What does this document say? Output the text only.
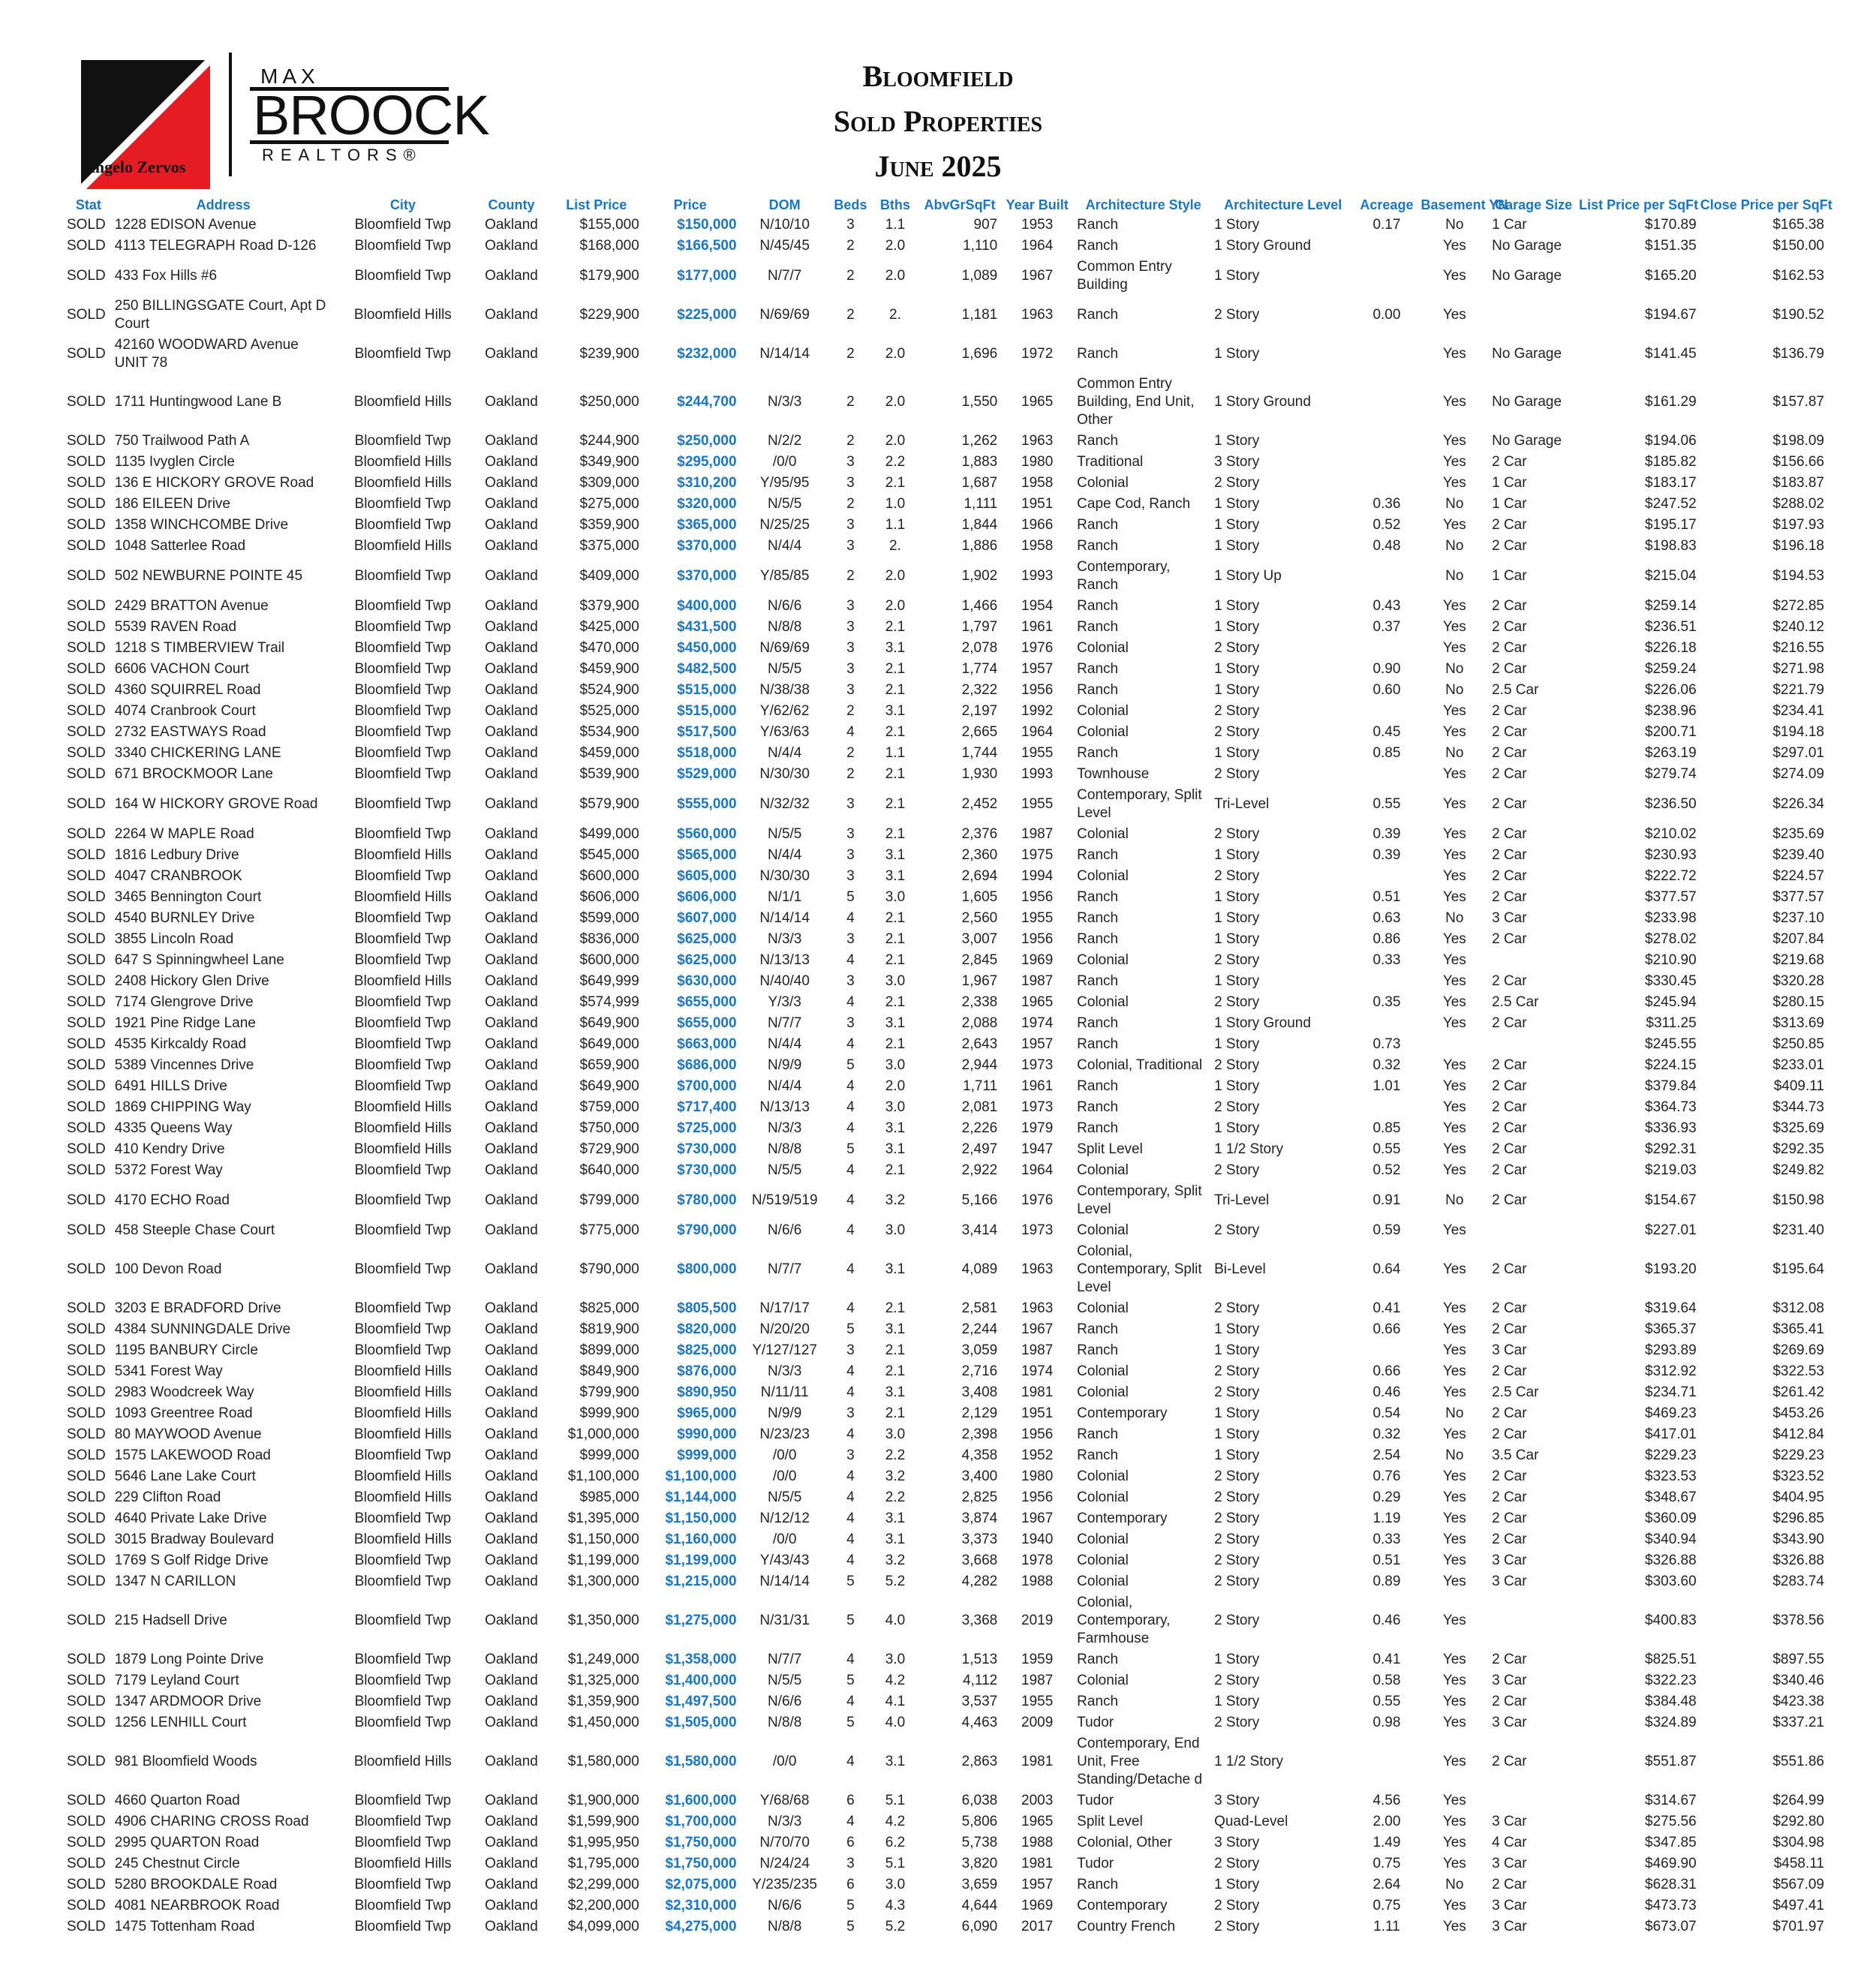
MAX
BROOCK
REALTORS®
Angelo Zervos
Bloomfield
Sold Properties
June 2025
Stat	Address	City	County	List Price	Price	DOM	Beds	Bths	AbvGrSqFt	Year Built	Architecture Style	Architecture Level	Acreage	Basement YN	Garage Size	List Price per SqFt	Close Price per SqFt
SOLD	1228 EDISON Avenue	Bloomfield Twp	Oakland	$155,000	$150,000	N/10/10	3	1.1	907	1953	Ranch	1 Story	0.17	No	1 Car	$170.89	$165.38
SOLD	4113 TELEGRAPH Road D-126	Bloomfield Twp	Oakland	$168,000	$166,500	N/45/45	2	2.0	1,110	1964	Ranch	1 Story Ground		Yes	No Garage	$151.35	$150.00
SOLD	433 Fox Hills #6	Bloomfield Twp	Oakland	$179,900	$177,000	N/7/7	2	2.0	1,089	1967	Common Entry Building	1 Story		Yes	No Garage	$165.20	$162.53
SOLD	250 BILLINGSGATE Court, Apt D Court	Bloomfield Hills	Oakland	$229,900	$225,000	N/69/69	2	2.	1,181	1963	Ranch	2 Story	0.00	Yes		$194.67	$190.52
SOLD	42160 WOODWARD Avenue UNIT 78	Bloomfield Twp	Oakland	$239,900	$232,000	N/14/14	2	2.0	1,696	1972	Ranch	1 Story		Yes	No Garage	$141.45	$136.79
SOLD	1711 Huntingwood Lane B	Bloomfield Hills	Oakland	$250,000	$244,700	N/3/3	2	2.0	1,550	1965	Common Entry Building, End Unit, Other	1 Story Ground		Yes	No Garage	$161.29	$157.87
SOLD	750 Trailwood Path A	Bloomfield Twp	Oakland	$244,900	$250,000	N/2/2	2	2.0	1,262	1963	Ranch	1 Story		Yes	No Garage	$194.06	$198.09
SOLD	1135 Ivyglen Circle	Bloomfield Hills	Oakland	$349,900	$295,000	/0/0	3	2.2	1,883	1980	Traditional	3 Story		Yes	2 Car	$185.82	$156.66
SOLD	136 E HICKORY GROVE Road	Bloomfield Hills	Oakland	$309,000	$310,200	Y/95/95	3	2.1	1,687	1958	Colonial	2 Story		Yes	1 Car	$183.17	$183.87
SOLD	186 EILEEN Drive	Bloomfield Twp	Oakland	$275,000	$320,000	N/5/5	2	1.0	1,111	1951	Cape Cod, Ranch	1 Story	0.36	No	1 Car	$247.52	$288.02
SOLD	1358 WINCHCOMBE Drive	Bloomfield Twp	Oakland	$359,900	$365,000	N/25/25	3	1.1	1,844	1966	Ranch	1 Story	0.52	Yes	2 Car	$195.17	$197.93
SOLD	1048 Satterlee Road	Bloomfield Hills	Oakland	$375,000	$370,000	N/4/4	3	2.	1,886	1958	Ranch	1 Story	0.48	No	2 Car	$198.83	$196.18
SOLD	502 NEWBURNE POINTE 45	Bloomfield Twp	Oakland	$409,000	$370,000	Y/85/85	2	2.0	1,902	1993	Contemporary, Ranch	1 Story Up		No	1 Car	$215.04	$194.53
SOLD	2429 BRATTON Avenue	Bloomfield Twp	Oakland	$379,900	$400,000	N/6/6	3	2.0	1,466	1954	Ranch	1 Story	0.43	Yes	2 Car	$259.14	$272.85
SOLD	5539 RAVEN Road	Bloomfield Twp	Oakland	$425,000	$431,500	N/8/8	3	2.1	1,797	1961	Ranch	1 Story	0.37	Yes	2 Car	$236.51	$240.12
SOLD	1218 S TIMBERVIEW Trail	Bloomfield Twp	Oakland	$470,000	$450,000	N/69/69	3	3.1	2,078	1976	Colonial	2 Story		Yes	2 Car	$226.18	$216.55
SOLD	6606 VACHON Court	Bloomfield Twp	Oakland	$459,900	$482,500	N/5/5	3	2.1	1,774	1957	Ranch	1 Story	0.90	No	2 Car	$259.24	$271.98
SOLD	4360 SQUIRREL Road	Bloomfield Twp	Oakland	$524,900	$515,000	N/38/38	3	2.1	2,322	1956	Ranch	1 Story	0.60	No	2.5 Car	$226.06	$221.79
SOLD	4074 Cranbrook Court	Bloomfield Twp	Oakland	$525,000	$515,000	Y/62/62	2	3.1	2,197	1992	Colonial	2 Story		Yes	2 Car	$238.96	$234.41
SOLD	2732 EASTWAYS Road	Bloomfield Twp	Oakland	$534,900	$517,500	Y/63/63	4	2.1	2,665	1964	Colonial	2 Story	0.45	Yes	2 Car	$200.71	$194.18
SOLD	3340 CHICKERING LANE	Bloomfield Twp	Oakland	$459,000	$518,000	N/4/4	2	1.1	1,744	1955	Ranch	1 Story	0.85	No	2 Car	$263.19	$297.01
SOLD	671 BROCKMOOR Lane	Bloomfield Twp	Oakland	$539,900	$529,000	N/30/30	2	2.1	1,930	1993	Townhouse	2 Story		Yes	2 Car	$279.74	$274.09
SOLD	164 W HICKORY GROVE Road	Bloomfield Twp	Oakland	$579,900	$555,000	N/32/32	3	2.1	2,452	1955	Contemporary, Split Level	Tri-Level	0.55	Yes	2 Car	$236.50	$226.34
SOLD	2264 W MAPLE Road	Bloomfield Twp	Oakland	$499,000	$560,000	N/5/5	3	2.1	2,376	1987	Colonial	2 Story	0.39	Yes	2 Car	$210.02	$235.69
SOLD	1816 Ledbury Drive	Bloomfield Hills	Oakland	$545,000	$565,000	N/4/4	3	3.1	2,360	1975	Ranch	1 Story	0.39	Yes	2 Car	$230.93	$239.40
SOLD	4047 CRANBROOK	Bloomfield Twp	Oakland	$600,000	$605,000	N/30/30	3	3.1	2,694	1994	Colonial	2 Story		Yes	2 Car	$222.72	$224.57
SOLD	3465 Bennington Court	Bloomfield Hills	Oakland	$606,000	$606,000	N/1/1	5	3.0	1,605	1956	Ranch	1 Story	0.51	Yes	2 Car	$377.57	$377.57
SOLD	4540 BURNLEY Drive	Bloomfield Twp	Oakland	$599,000	$607,000	N/14/14	4	2.1	2,560	1955	Ranch	1 Story	0.63	No	3 Car	$233.98	$237.10
SOLD	3855 Lincoln Road	Bloomfield Twp	Oakland	$836,000	$625,000	N/3/3	3	2.1	3,007	1956	Ranch	1 Story	0.86	Yes	2 Car	$278.02	$207.84
SOLD	647 S Spinningwheel Lane	Bloomfield Twp	Oakland	$600,000	$625,000	N/13/13	4	2.1	2,845	1969	Colonial	2 Story	0.33	Yes		$210.90	$219.68
SOLD	2408 Hickory Glen Drive	Bloomfield Hills	Oakland	$649,999	$630,000	N/40/40	3	3.0	1,967	1987	Ranch	1 Story		Yes	2 Car	$330.45	$320.28
SOLD	7174 Glengrove Drive	Bloomfield Twp	Oakland	$574,999	$655,000	Y/3/3	4	2.1	2,338	1965	Colonial	2 Story	0.35	Yes	2.5 Car	$245.94	$280.15
SOLD	1921 Pine Ridge Lane	Bloomfield Twp	Oakland	$649,900	$655,000	N/7/7	3	3.1	2,088	1974	Ranch	1 Story Ground		Yes	2 Car	$311.25	$313.69
SOLD	4535 Kirkcaldy Road	Bloomfield Twp	Oakland	$649,000	$663,000	N/4/4	4	2.1	2,643	1957	Ranch	1 Story	0.73			$245.55	$250.85
SOLD	5389 Vincennes Drive	Bloomfield Twp	Oakland	$659,900	$686,000	N/9/9	5	3.0	2,944	1973	Colonial, Traditional	2 Story	0.32	Yes	2 Car	$224.15	$233.01
SOLD	6491 HILLS Drive	Bloomfield Twp	Oakland	$649,900	$700,000	N/4/4	4	2.0	1,711	1961	Ranch	1 Story	1.01	Yes	2 Car	$379.84	$409.11
SOLD	1869 CHIPPING Way	Bloomfield Hills	Oakland	$759,000	$717,400	N/13/13	4	3.0	2,081	1973	Ranch	2 Story		Yes	2 Car	$364.73	$344.73
SOLD	4335 Queens Way	Bloomfield Hills	Oakland	$750,000	$725,000	N/3/3	4	3.1	2,226	1979	Ranch	1 Story	0.85	Yes	2 Car	$336.93	$325.69
SOLD	410 Kendry Drive	Bloomfield Hills	Oakland	$729,900	$730,000	N/8/8	5	3.1	2,497	1947	Split Level	1 1/2 Story	0.55	Yes	2 Car	$292.31	$292.35
SOLD	5372 Forest Way	Bloomfield Twp	Oakland	$640,000	$730,000	N/5/5	4	2.1	2,922	1964	Colonial	2 Story	0.52	Yes	2 Car	$219.03	$249.82
SOLD	4170 ECHO Road	Bloomfield Twp	Oakland	$799,000	$780,000	N/519/519	4	3.2	5,166	1976	Contemporary, Split Level	Tri-Level	0.91	No	2 Car	$154.67	$150.98
SOLD	458 Steeple Chase Court	Bloomfield Twp	Oakland	$775,000	$790,000	N/6/6	4	3.0	3,414	1973	Colonial	2 Story	0.59	Yes		$227.01	$231.40
SOLD	100 Devon Road	Bloomfield Twp	Oakland	$790,000	$800,000	N/7/7	4	3.1	4,089	1963	Colonial, Contemporary, Split Level	Bi-Level	0.64	Yes	2 Car	$193.20	$195.64
SOLD	3203 E BRADFORD Drive	Bloomfield Twp	Oakland	$825,000	$805,500	N/17/17	4	2.1	2,581	1963	Colonial	2 Story	0.41	Yes	2 Car	$319.64	$312.08
SOLD	4384 SUNNINGDALE Drive	Bloomfield Twp	Oakland	$819,900	$820,000	N/20/20	5	3.1	2,244	1967	Ranch	1 Story	0.66	Yes	2 Car	$365.37	$365.41
SOLD	1195 BANBURY Circle	Bloomfield Twp	Oakland	$899,000	$825,000	Y/127/127	3	2.1	3,059	1987	Ranch	1 Story		Yes	3 Car	$293.89	$269.69
SOLD	5341 Forest Way	Bloomfield Hills	Oakland	$849,900	$876,000	N/3/3	4	2.1	2,716	1974	Colonial	2 Story	0.66	Yes	2 Car	$312.92	$322.53
SOLD	2983 Woodcreek Way	Bloomfield Hills	Oakland	$799,900	$890,950	N/11/11	4	3.1	3,408	1981	Colonial	2 Story	0.46	Yes	2.5 Car	$234.71	$261.42
SOLD	1093 Greentree Road	Bloomfield Hills	Oakland	$999,900	$965,000	N/9/9	3	2.1	2,129	1951	Contemporary	1 Story	0.54	No	2 Car	$469.23	$453.26
SOLD	80 MAYWOOD Avenue	Bloomfield Hills	Oakland	$1,000,000	$990,000	N/23/23	4	3.0	2,398	1956	Ranch	1 Story	0.32	Yes	2 Car	$417.01	$412.84
SOLD	1575 LAKEWOOD Road	Bloomfield Twp	Oakland	$999,000	$999,000	/0/0	3	2.2	4,358	1952	Ranch	1 Story	2.54	No	3.5 Car	$229.23	$229.23
SOLD	5646 Lane Lake Court	Bloomfield Hills	Oakland	$1,100,000	$1,100,000	/0/0	4	3.2	3,400	1980	Colonial	2 Story	0.76	Yes	2 Car	$323.53	$323.52
SOLD	229 Clifton Road	Bloomfield Hills	Oakland	$985,000	$1,144,000	N/5/5	4	2.2	2,825	1956	Colonial	2 Story	0.29	Yes	2 Car	$348.67	$404.95
SOLD	4640 Private Lake Drive	Bloomfield Twp	Oakland	$1,395,000	$1,150,000	N/12/12	4	3.1	3,874	1967	Contemporary	2 Story	1.19	Yes	2 Car	$360.09	$296.85
SOLD	3015 Bradway Boulevard	Bloomfield Hills	Oakland	$1,150,000	$1,160,000	/0/0	4	3.1	3,373	1940	Colonial	2 Story	0.33	Yes	2 Car	$340.94	$343.90
SOLD	1769 S Golf Ridge Drive	Bloomfield Twp	Oakland	$1,199,000	$1,199,000	Y/43/43	4	3.2	3,668	1978	Colonial	2 Story	0.51	Yes	3 Car	$326.88	$326.88
SOLD	1347 N CARILLON	Bloomfield Twp	Oakland	$1,300,000	$1,215,000	N/14/14	5	5.2	4,282	1988	Colonial	2 Story	0.89	Yes	3 Car	$303.60	$283.74
SOLD	215 Hadsell Drive	Bloomfield Twp	Oakland	$1,350,000	$1,275,000	N/31/31	5	4.0	3,368	2019	Colonial, Contemporary, Farmhouse	2 Story	0.46	Yes		$400.83	$378.56
SOLD	1879 Long Pointe Drive	Bloomfield Twp	Oakland	$1,249,000	$1,358,000	N/7/7	4	3.0	1,513	1959	Ranch	1 Story	0.41	Yes	2 Car	$825.51	$897.55
SOLD	7179 Leyland Court	Bloomfield Twp	Oakland	$1,325,000	$1,400,000	N/5/5	5	4.2	4,112	1987	Colonial	2 Story	0.58	Yes	3 Car	$322.23	$340.46
SOLD	1347 ARDMOOR Drive	Bloomfield Twp	Oakland	$1,359,900	$1,497,500	N/6/6	4	4.1	3,537	1955	Ranch	1 Story	0.55	Yes	2 Car	$384.48	$423.38
SOLD	1256 LENHILL Court	Bloomfield Twp	Oakland	$1,450,000	$1,505,000	N/8/8	5	4.0	4,463	2009	Tudor	2 Story	0.98	Yes	3 Car	$324.89	$337.21
SOLD	981 Bloomfield Woods	Bloomfield Hills	Oakland	$1,580,000	$1,580,000	/0/0	4	3.1	2,863	1981	Contemporary, End Unit, Free Standing/Detache d	1 1/2 Story		Yes	2 Car	$551.87	$551.86
SOLD	4660 Quarton Road	Bloomfield Twp	Oakland	$1,900,000	$1,600,000	Y/68/68	6	5.1	6,038	2003	Tudor	3 Story	4.56	Yes		$314.67	$264.99
SOLD	4906 CHARING CROSS Road	Bloomfield Twp	Oakland	$1,599,900	$1,700,000	N/3/3	4	4.2	5,806	1965	Split Level	Quad-Level	2.00	Yes	3 Car	$275.56	$292.80
SOLD	2995 QUARTON Road	Bloomfield Twp	Oakland	$1,995,950	$1,750,000	N/70/70	6	6.2	5,738	1988	Colonial, Other	3 Story	1.49	Yes	4 Car	$347.85	$304.98
SOLD	245 Chestnut Circle	Bloomfield Hills	Oakland	$1,795,000	$1,750,000	N/24/24	3	5.1	3,820	1981	Tudor	2 Story	0.75	Yes	3 Car	$469.90	$458.11
SOLD	5280 BROOKDALE Road	Bloomfield Twp	Oakland	$2,299,000	$2,075,000	Y/235/235	6	3.0	3,659	1957	Ranch	1 Story	2.64	No	2 Car	$628.31	$567.09
SOLD	4081 NEARBROOK Road	Bloomfield Twp	Oakland	$2,200,000	$2,310,000	N/6/6	5	4.3	4,644	1969	Contemporary	2 Story	0.75	Yes	3 Car	$473.73	$497.41
SOLD	1475 Tottenham Road	Bloomfield Twp	Oakland	$4,099,000	$4,275,000	N/8/8	5	5.2	6,090	2017	Country French	2 Story	1.11	Yes	3 Car	$673.07	$701.97
